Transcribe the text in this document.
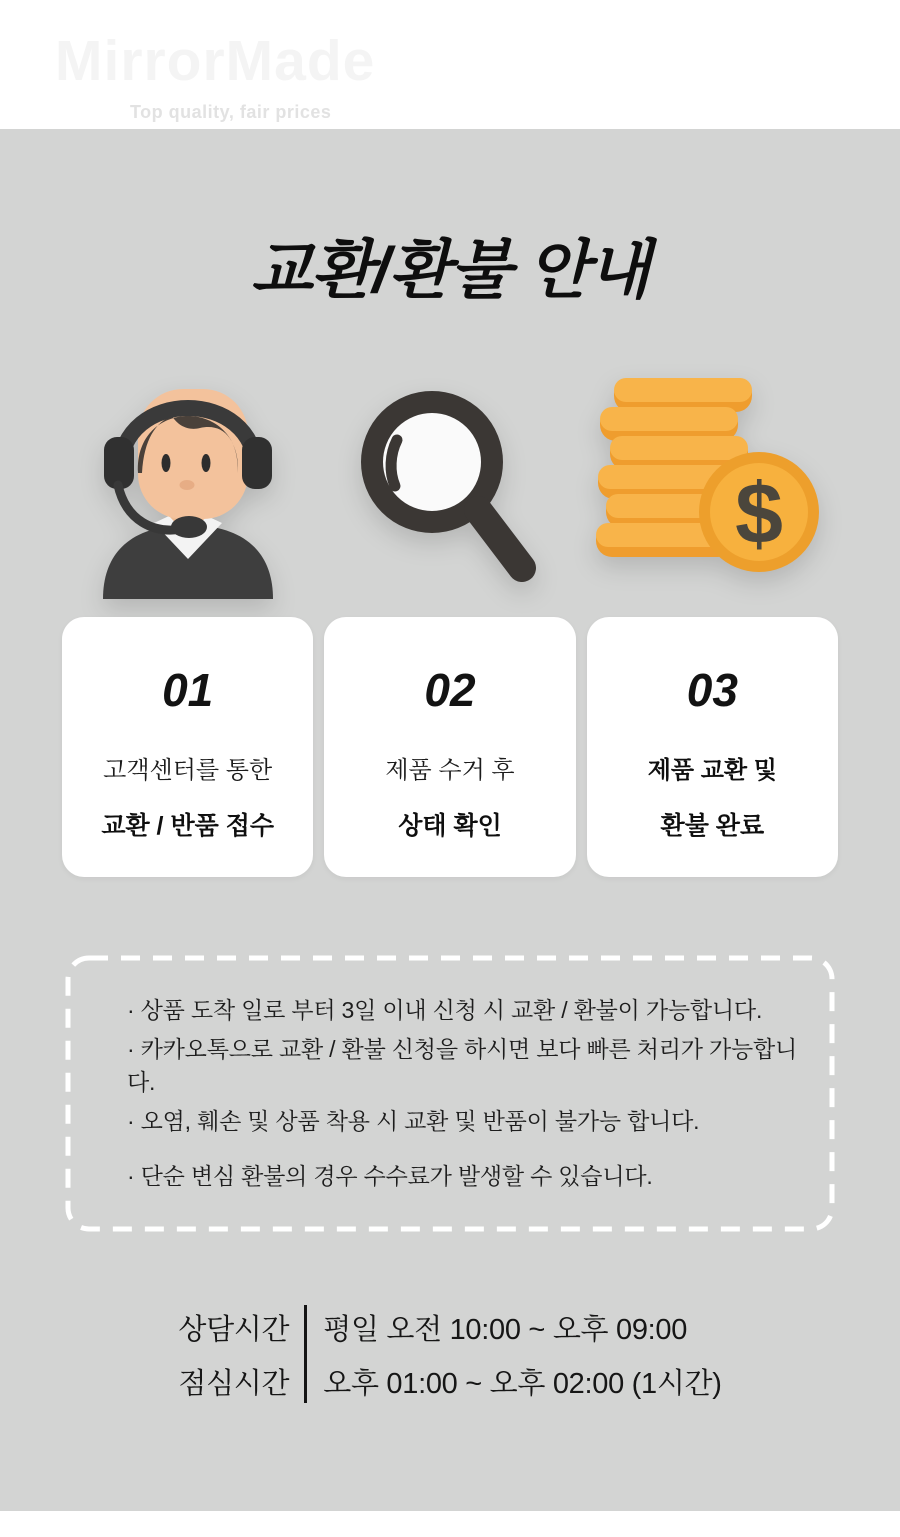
MirrorMade
Top quality, fair prices
교환/환불 안내
$
01
고객센터를 통한
교환 / 반품 접수
02
제품 수거 후
상태 확인
03
제품 교환 및
환불 완료
· 상품 도착 일로 부터 3일 이내 신청 시 교환 / 환불이 가능합니다.
· 카카오톡으로 교환 / 환불 신청을 하시면 보다 빠른 처리가 가능합니다.
· 오염, 훼손 및 상품 착용 시 교환 및 반품이 불가능 합니다.
· 단순 변심 환불의 경우 수수료가 발생할 수 있습니다.
상담시간
점심시간
평일 오전 10:00 ~ 오후 09:00
오후 01:00 ~ 오후 02:00 (1시간)
